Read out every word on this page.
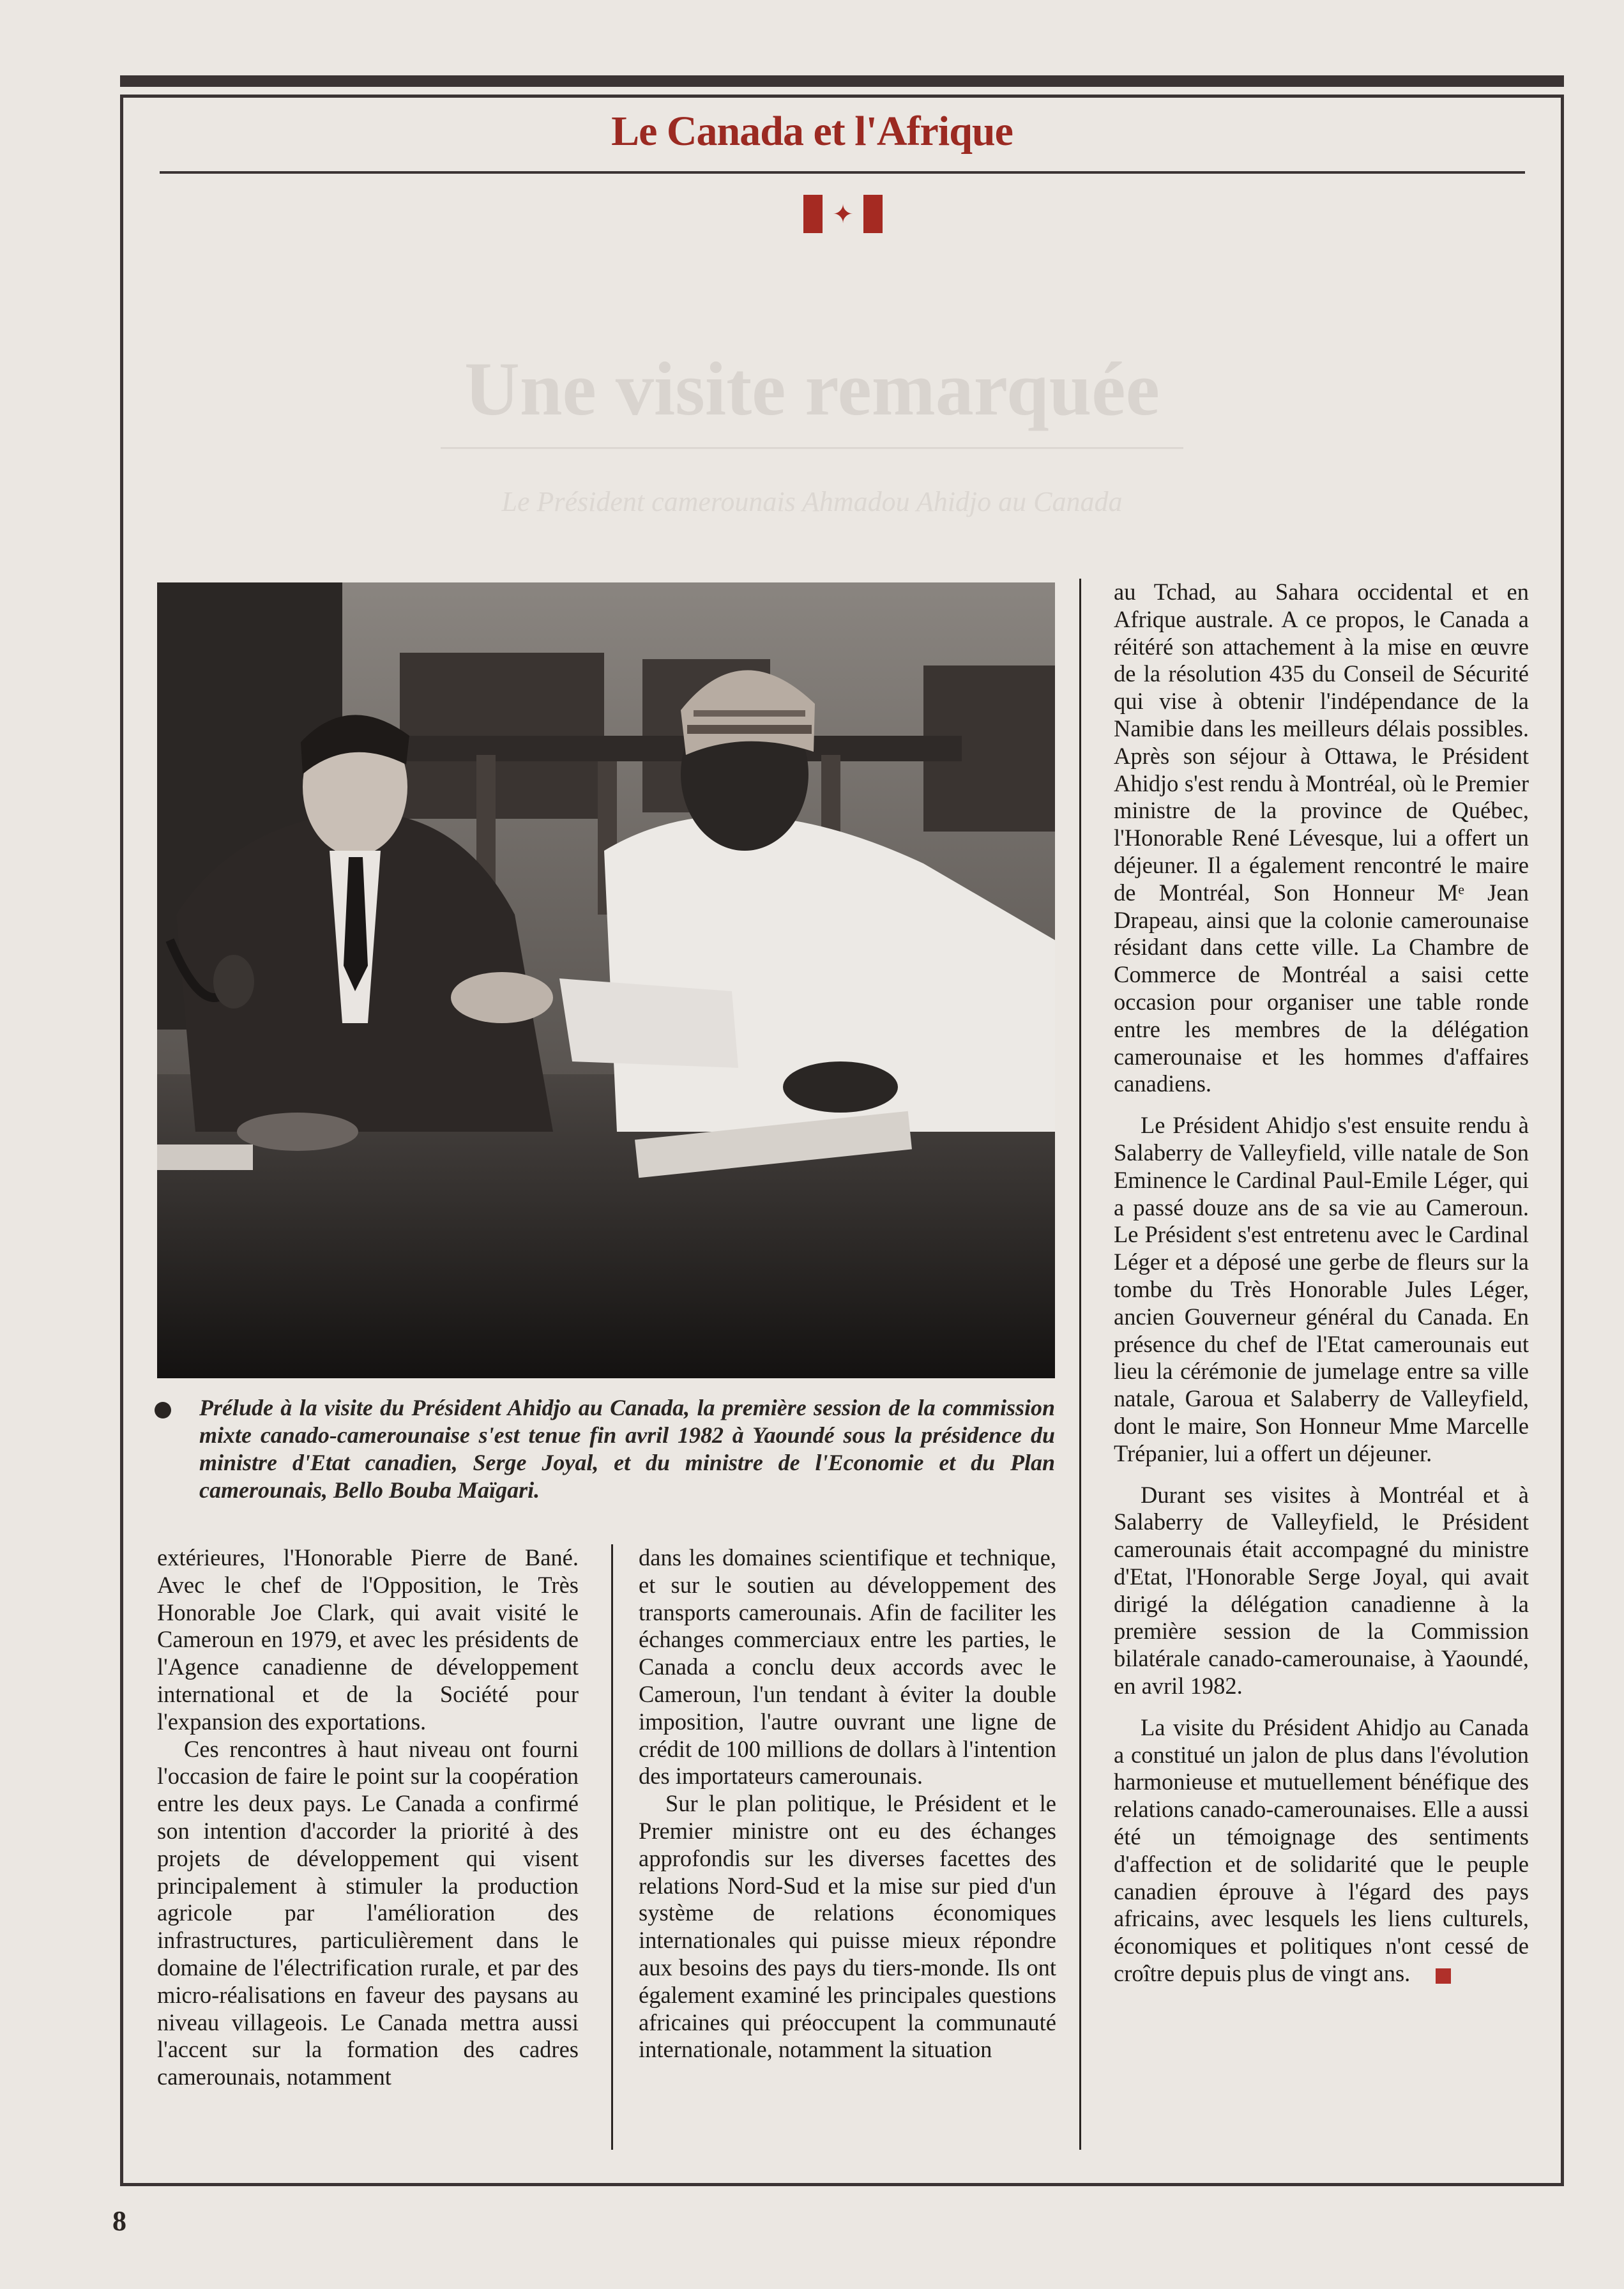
Le Canada et l'Afrique
✦
Une visite remarquée
Le Président camerounais Ahmadou Ahidjo au Canada
Prélude à la visite du Président Ahidjo au Canada, la première session de la commission mixte canado-camerounaise s'est tenue fin avril 1982 à Yaoundé sous la présidence du ministre d'Etat canadien, Serge Joyal, et du ministre de l'Economie et du Plan camerounais, Bello Bouba Maïgari.

extérieures, l'Honorable Pierre de Bané. Avec le chef de l'Opposition, le Très Honorable Joe Clark, qui avait visité le Cameroun en 1979, et avec les présidents de l'Agence canadienne de développement international et de la Société pour l'expansion des exportations.

Ces rencontres à haut niveau ont fourni l'occasion de faire le point sur la coopération entre les deux pays. Le Canada a confirmé son intention d'accorder la priorité à des projets de développement qui visent principalement à stimuler la production agricole par l'amélioration des infrastructures, particulièrement dans le domaine de l'électrification rurale, et par des micro-réalisations en faveur des paysans au niveau villageois. Le Canada mettra aussi l'accent sur la formation des cadres camerounais, notamment

dans les domaines scientifique et technique, et sur le soutien au développement des transports camerounais. Afin de faciliter les échanges commerciaux entre les parties, le Canada a conclu deux accords avec le Cameroun, l'un tendant à éviter la double imposition, l'autre ouvrant une ligne de crédit de 100 millions de dollars à l'intention des importateurs camerounais.

Sur le plan politique, le Président et le Premier ministre ont eu des échanges approfondis sur les diverses facettes des relations Nord-Sud et la mise sur pied d'un système de relations économiques internationales qui puisse mieux répondre aux besoins des pays du tiers-monde. Ils ont également examiné les principales questions africaines qui préoccupent la communauté internationale, notamment la situation

au Tchad, au Sahara occidental et en Afrique australe. A ce propos, le Canada a réitéré son attachement à la mise en œuvre de la résolution 435 du Conseil de Sécurité qui vise à obtenir l'indépendance de la Namibie dans les meilleurs délais possibles. Après son séjour à Ottawa, le Président Ahidjo s'est rendu à Montréal, où le Premier ministre de la province de Québec, l'Honorable René Lévesque, lui a offert un déjeuner. Il a également rencontré le maire de Montréal, Son Honneur Mᵉ Jean Drapeau, ainsi que la colonie camerounaise résidant dans cette ville. La Chambre de Commerce de Montréal a saisi cette occasion pour organiser une table ronde entre les membres de la délégation camerounaise et les hommes d'affaires canadiens.

Le Président Ahidjo s'est ensuite rendu à Salaberry de Valleyfield, ville natale de Son Eminence le Cardinal Paul-Emile Léger, qui a passé douze ans de sa vie au Cameroun. Le Président s'est entretenu avec le Cardinal Léger et a déposé une gerbe de fleurs sur la tombe du Très Honorable Jules Léger, ancien Gouverneur général du Canada. En présence du chef de l'Etat camerounais eut lieu la cérémonie de jumelage entre sa ville natale, Garoua et Salaberry de Valleyfield, dont le maire, Son Honneur Mme Marcelle Trépanier, lui a offert un déjeuner.

Durant ses visites à Montréal et à Salaberry de Valleyfield, le Président camerounais était accompagné du ministre d'Etat, l'Honorable Serge Joyal, qui avait dirigé la délégation canadienne à la première session de la Commission bilatérale canado-camerounaise, à Yaoundé, en avril 1982.

La visite du Président Ahidjo au Canada a constitué un jalon de plus dans l'évolution harmonieuse et mutuellement bénéfique des relations canado-camerounaises. Elle a aussi été un témoignage des sentiments d'affection et de solidarité que le peuple canadien éprouve à l'égard des pays africains, avec lesquels les liens culturels, économiques et politiques n'ont cessé de croître depuis plus de vingt ans.

8
